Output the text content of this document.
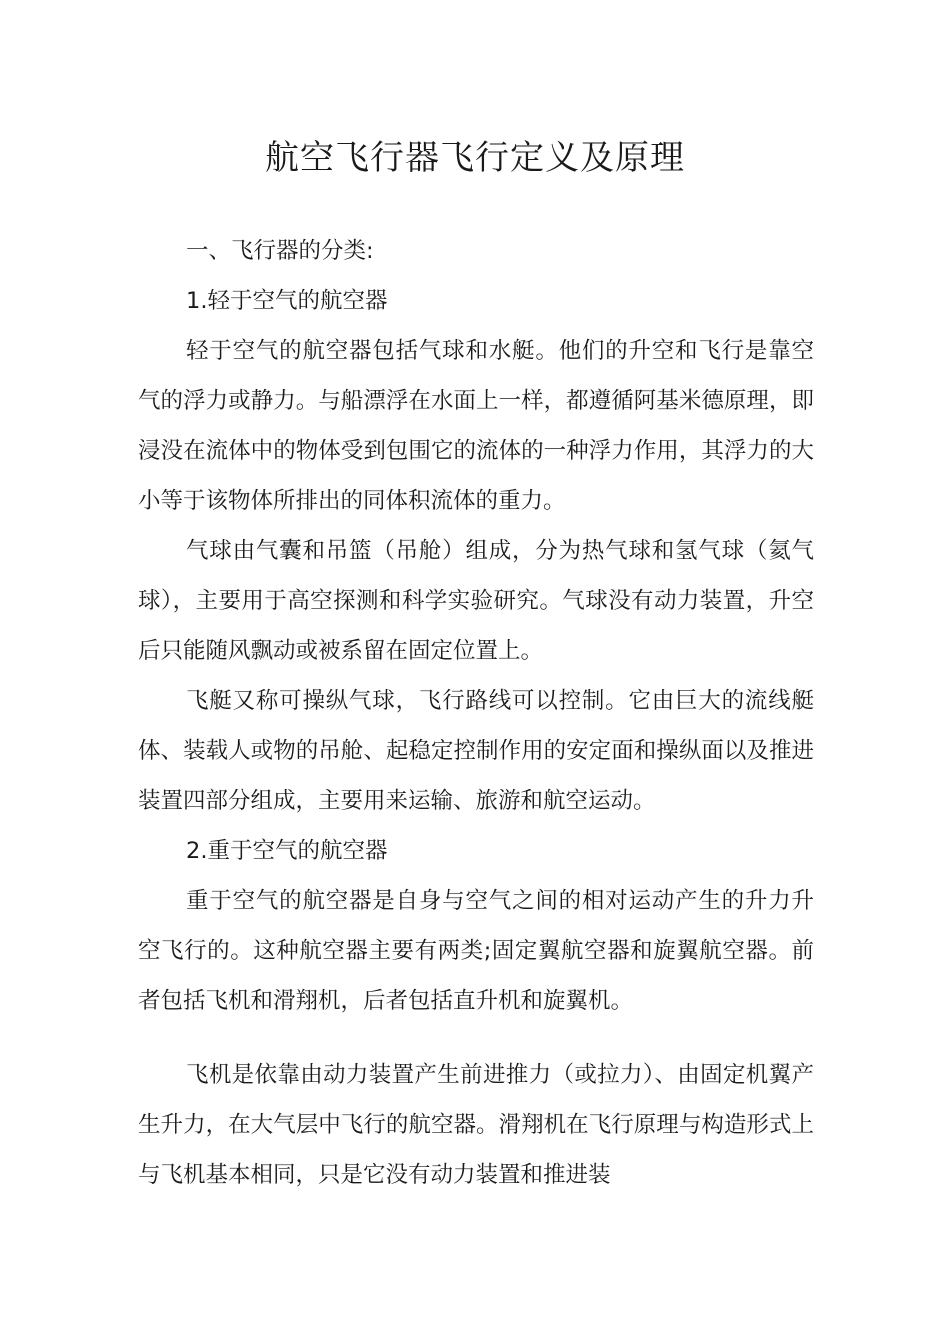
航空飞行器飞行定义及原理

一、飞行器的分类:

1.轻于空气的航空器

轻于空气的航空器包括气球和水艇。他们的升空和飞行是靠空气的浮力或静力。与船漂浮在水面上一样，都遵循阿基米德原理，即浸没在流体中的物体受到包围它的流体的一种浮力作用，其浮力的大小等于该物体所排出的同体积流体的重力。

气球由气囊和吊篮（吊舱）组成，分为热气球和氢气球（氦气球），主要用于高空探测和科学实验研究。气球没有动力装置，升空后只能随风飘动或被系留在固定位置上。

飞艇又称可操纵气球，飞行路线可以控制。它由巨大的流线艇体、装载人或物的吊舱、起稳定控制作用的安定面和操纵面以及推进装置四部分组成，主要用来运输、旅游和航空运动。

2.重于空气的航空器

重于空气的航空器是自身与空气之间的相对运动产生的升力升空飞行的。这种航空器主要有两类;固定翼航空器和旋翼航空器。前者包括飞机和滑翔机，后者包括直升机和旋翼机。

飞机是依靠由动力装置产生前进推力（或拉力）、由固定机翼产生升力，在大气层中飞行的航空器。滑翔机在飞行原理与构造形式上与飞机基本相同，只是它没有动力装置和推进装
